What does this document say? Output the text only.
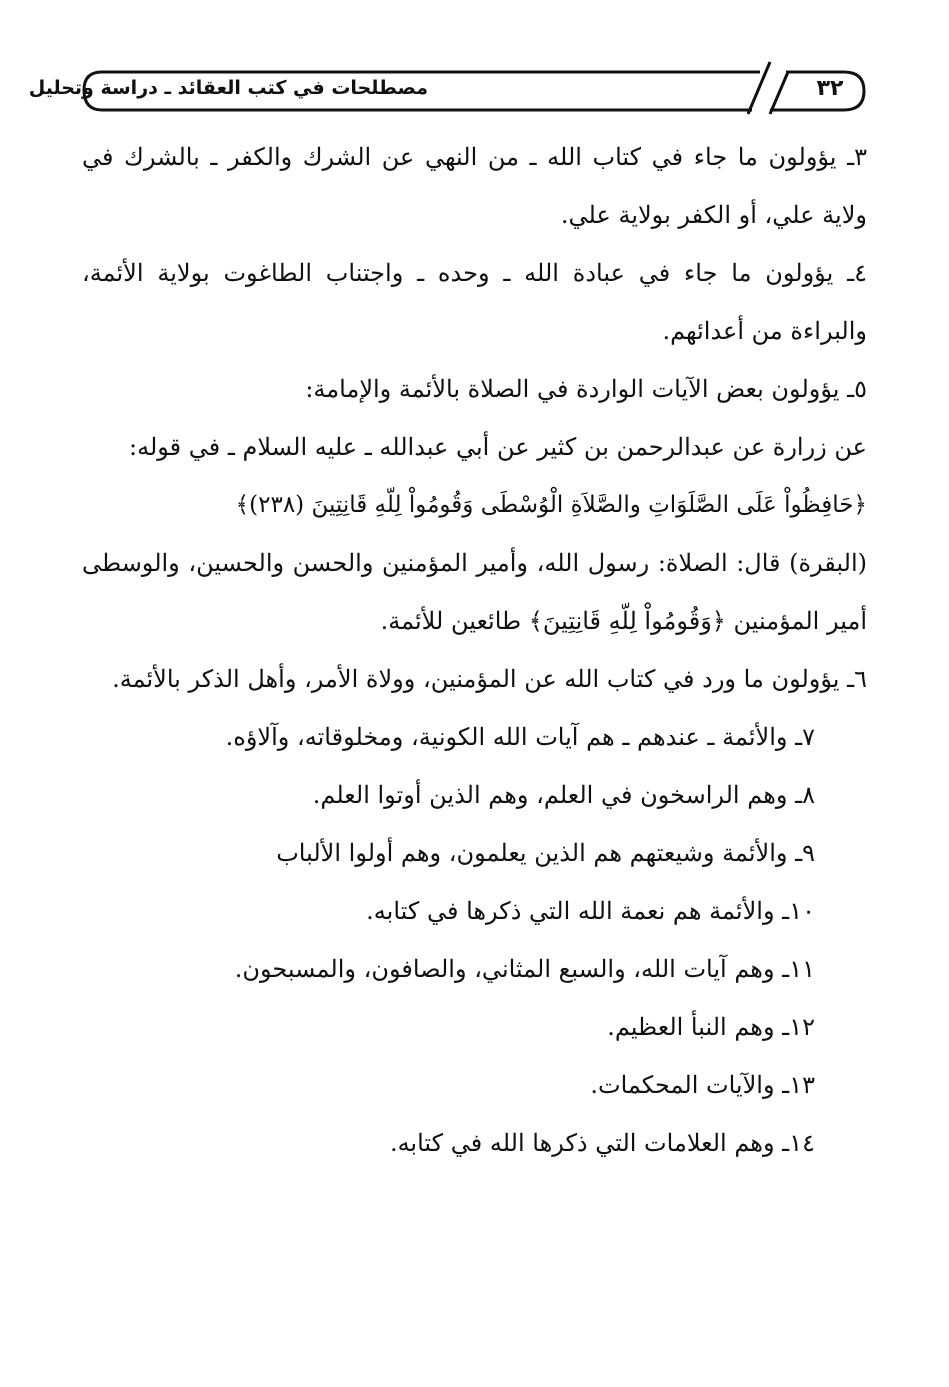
٣٢
مصطلحات في كتب العقائد ـ دراسة وتحليل

٣ـ يؤولون ما جاء في كتاب الله ـ من النهي عن الشرك والكفر ـ بالشرك في ولاية علي، أو الكفر بولاية علي.

٤ـ يؤولون ما جاء في عبادة الله ـ وحده ـ واجتناب الطاغوت بولاية الأئمة، والبراءة من أعدائهم.

٥ـ يؤولون بعض الآيات الواردة في الصلاة بالأئمة والإمامة:

عن زرارة عن عبدالرحمن بن كثير عن أبي عبدالله ـ عليه السلام ـ في قوله:

﴿حَافِظُواْ عَلَى الصَّلَوَاتِ والصَّلاَةِ الْوُسْطَى وَقُومُواْ لِلّهِ قَانِتِينَ (٢٣٨)﴾

(البقرة) قال: الصلاة: رسول الله، وأمير المؤمنين والحسن والحسين، والوسطى أمير المؤمنين ﴿وَقُومُواْ لِلّهِ قَانِتِينَ﴾ طائعين للأئمة.

٦ـ يؤولون ما ورد في كتاب الله عن المؤمنين، وولاة الأمر، وأهل الذكر بالأئمة.

٧ـ والأئمة ـ عندهم ـ هم آيات الله الكونية، ومخلوقاته، وآلاؤه.

٨ـ وهم الراسخون في العلم، وهم الذين أوتوا العلم.

٩ـ والأئمة وشيعتهم هم الذين يعلمون، وهم أولوا الألباب

١٠ـ والأئمة هم نعمة الله التي ذكرها في كتابه.

١١ـ وهم آيات الله، والسبع المثاني، والصافون، والمسبحون.

١٢ـ وهم النبأ العظيم.

١٣ـ والآيات المحكمات.

١٤ـ وهم العلامات التي ذكرها الله في كتابه.
